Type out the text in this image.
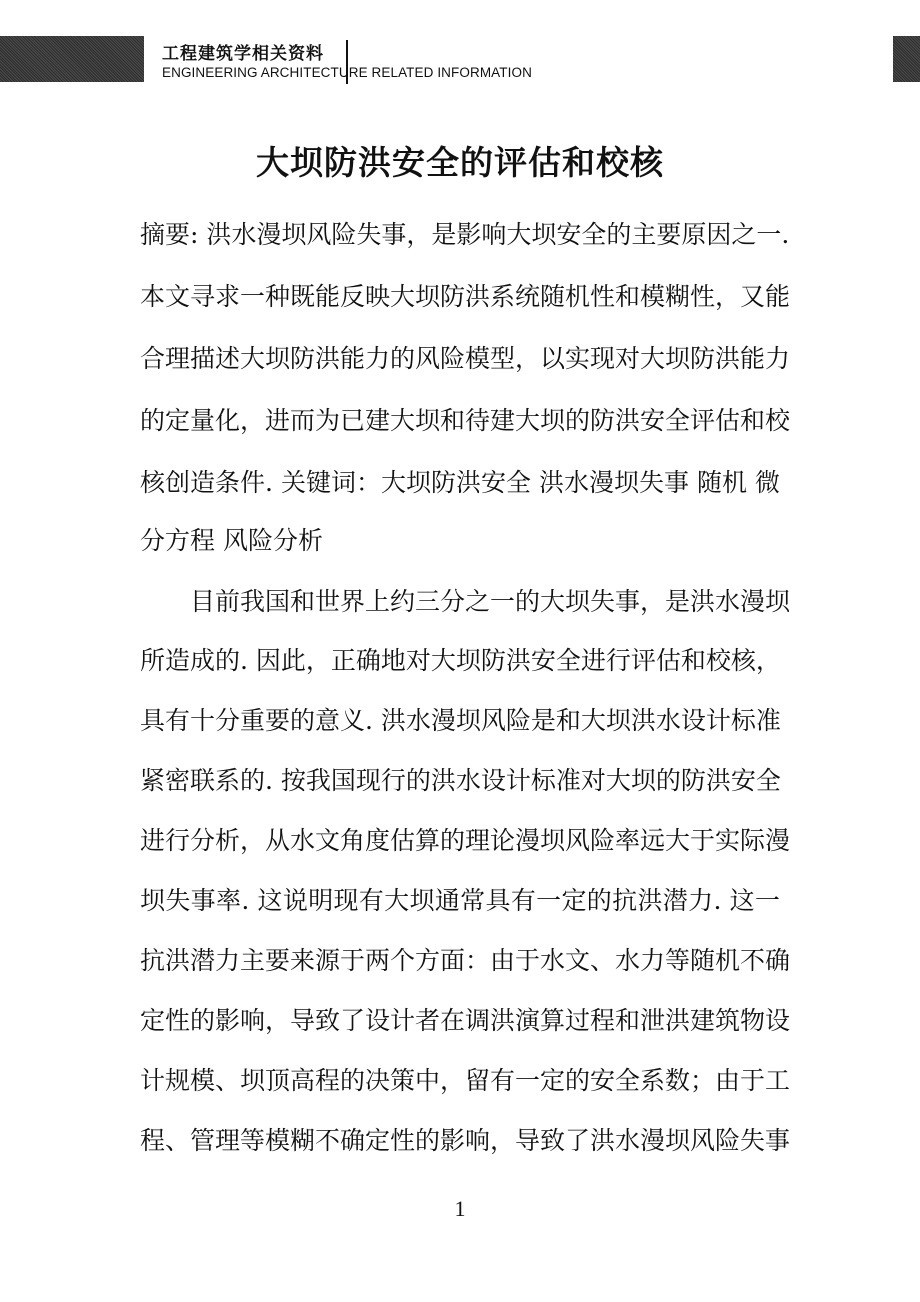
工程建筑学相关资料
ENGINEERING ARCHITECTURE RELATED INFORMATION
大坝防洪安全的评估和校核
摘要: 洪水漫坝风险失事，是影响大坝安全的主要原因之一.
本文寻求一种既能反映大坝防洪系统随机性和模糊性，又能
合理描述大坝防洪能力的风险模型，以实现对大坝防洪能力
的定量化，进而为已建大坝和待建大坝的防洪安全评估和校
核创造条件. 关键词：大坝防洪安全 洪水漫坝失事 随机 微
分方程 风险分析
目前我国和世界上约三分之一的大坝失事，是洪水漫坝
所造成的. 因此，正确地对大坝防洪安全进行评估和校核，
具有十分重要的意义. 洪水漫坝风险是和大坝洪水设计标准
紧密联系的. 按我国现行的洪水设计标准对大坝的防洪安全
进行分析，从水文角度估算的理论漫坝风险率远大于实际漫
坝失事率. 这说明现有大坝通常具有一定的抗洪潜力. 这一
抗洪潜力主要来源于两个方面：由于水文、水力等随机不确
定性的影响，导致了设计者在调洪演算过程和泄洪建筑物设
计规模、坝顶高程的决策中，留有一定的安全系数；由于工
程、管理等模糊不确定性的影响，导致了洪水漫坝风险失事
1
